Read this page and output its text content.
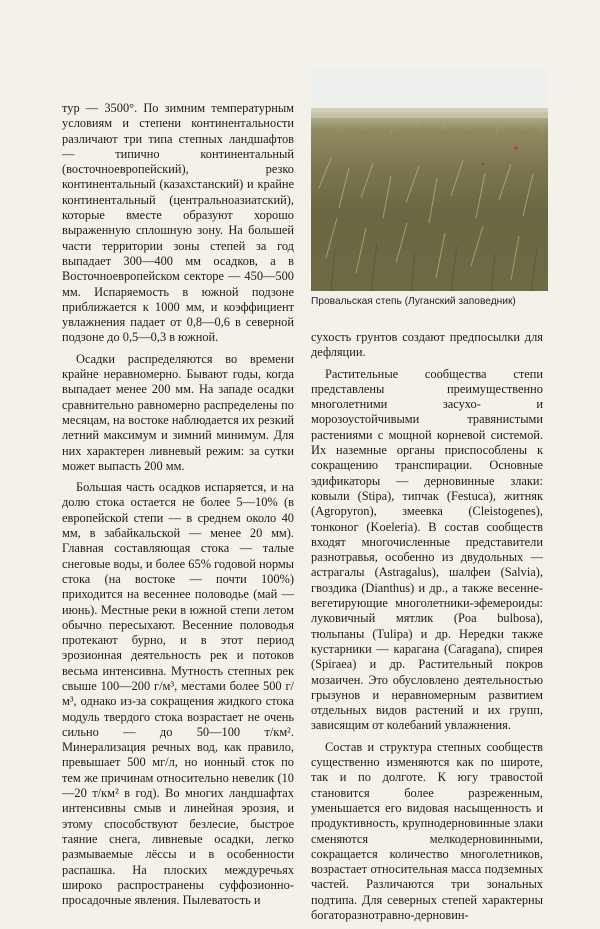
Провальская степь (Луганский заповедник)

тур — 3500°. По зимним температурным условиям и степени континентальности различают три типа степных ландшафтов — типично континентальный (восточноевропейский), резко континентальный (казахстанский) и крайне континентальный (центральноазиатский), которые вместе образуют хорошо выраженную сплошную зону. На большей части территории зоны степей за год выпадает 300—400 мм осадков, а в Восточноевропейском секторе — 450—500 мм. Испаряемость в южной подзоне приближается к 1000 мм, и коэффициент увлажнения падает от 0,8—0,6 в северной подзоне до 0,5—0,3 в южной.

Осадки распределяются во времени крайне неравномерно. Бывают годы, когда выпадает менее 200 мм. На западе осадки сравнительно равномерно распределены по месяцам, на востоке наблюдается их резкий летний максимум и зимний минимум. Для них характерен ливневый режим: за сутки может выпасть 200 мм.

Большая часть осадков испаряется, и на долю стока остается не более 5—10% (в европейской степи — в среднем около 40 мм, в забайкальской — менее 20 мм). Главная составляющая стока — талые снеговые воды, и более 65% годовой нормы стока (на востоке — почти 100%) приходится на весеннее половодье (май — июнь). Местные реки в южной степи летом обычно пересыхают. Весенние половодья протекают бурно, и в этот период эрозионная деятельность рек и потоков весьма интенсивна. Мутность степных рек свыше 100—200 г/м³, местами более 500 г/м³, однако из-за сокращения жидкого стока модуль твердого стока возрастает не очень сильно — до 50—100 т/км². Минерализация речных вод, как правило, превышает 500 мг/л, но ионный сток по тем же причинам относительно невелик (10—20 т/км² в год). Во многих ландшафтах интенсивны смыв и линейная эрозия, и этому способствуют безлесие, быстрое таяние снега, ливневые осадки, легко размываемые лёссы и в особенности распашка. На плоских междуречьях широко распространены суффозионно-просадочные явления. Пылеватость и

сухость грунтов создают предпосылки для дефляции.

Растительные сообщества степи представлены преимущественно многолетними засухо- и морозоустойчивыми травянистыми растениями с мощной корневой системой. Их наземные органы приспособлены к сокращению транспирации. Основные эдификаторы — дерновинные злаки: ковыли (Stipa), типчак (Festuca), житняк (Agropyron), змеевка (Cleistogenes), тонконог (Koeleria). В состав сообществ входят многочисленные представители разнотравья, особенно из двудольных — астрагалы (Astragalus), шалфеи (Salvia), гвоздика (Dianthus) и др., а также весенне-вегетирующие многолетники-эфемероиды: луковичный мятлик (Poa bulbosa), тюльпаны (Tulipa) и др. Нередки также кустарники — карагана (Caragana), спирея (Spiraea) и др. Растительный покров мозаичен. Это обусловлено деятельностью грызунов и неравномерным развитием отдельных видов растений и их групп, зависящим от колебаний увлажнения.

Состав и структура степных сообществ существенно изменяются как по широте, так и по долготе. К югу травостой становится более разреженным, уменьшается его видовая насыщенность и продуктивность, крупнодерновинные злаки сменяются мелкодерновинными, сокращается количество многолетников, возрастает относительная масса подземных частей. Различаются три зональных подтипа. Для северных степей характерны богаторазнотравно-дерновин-
